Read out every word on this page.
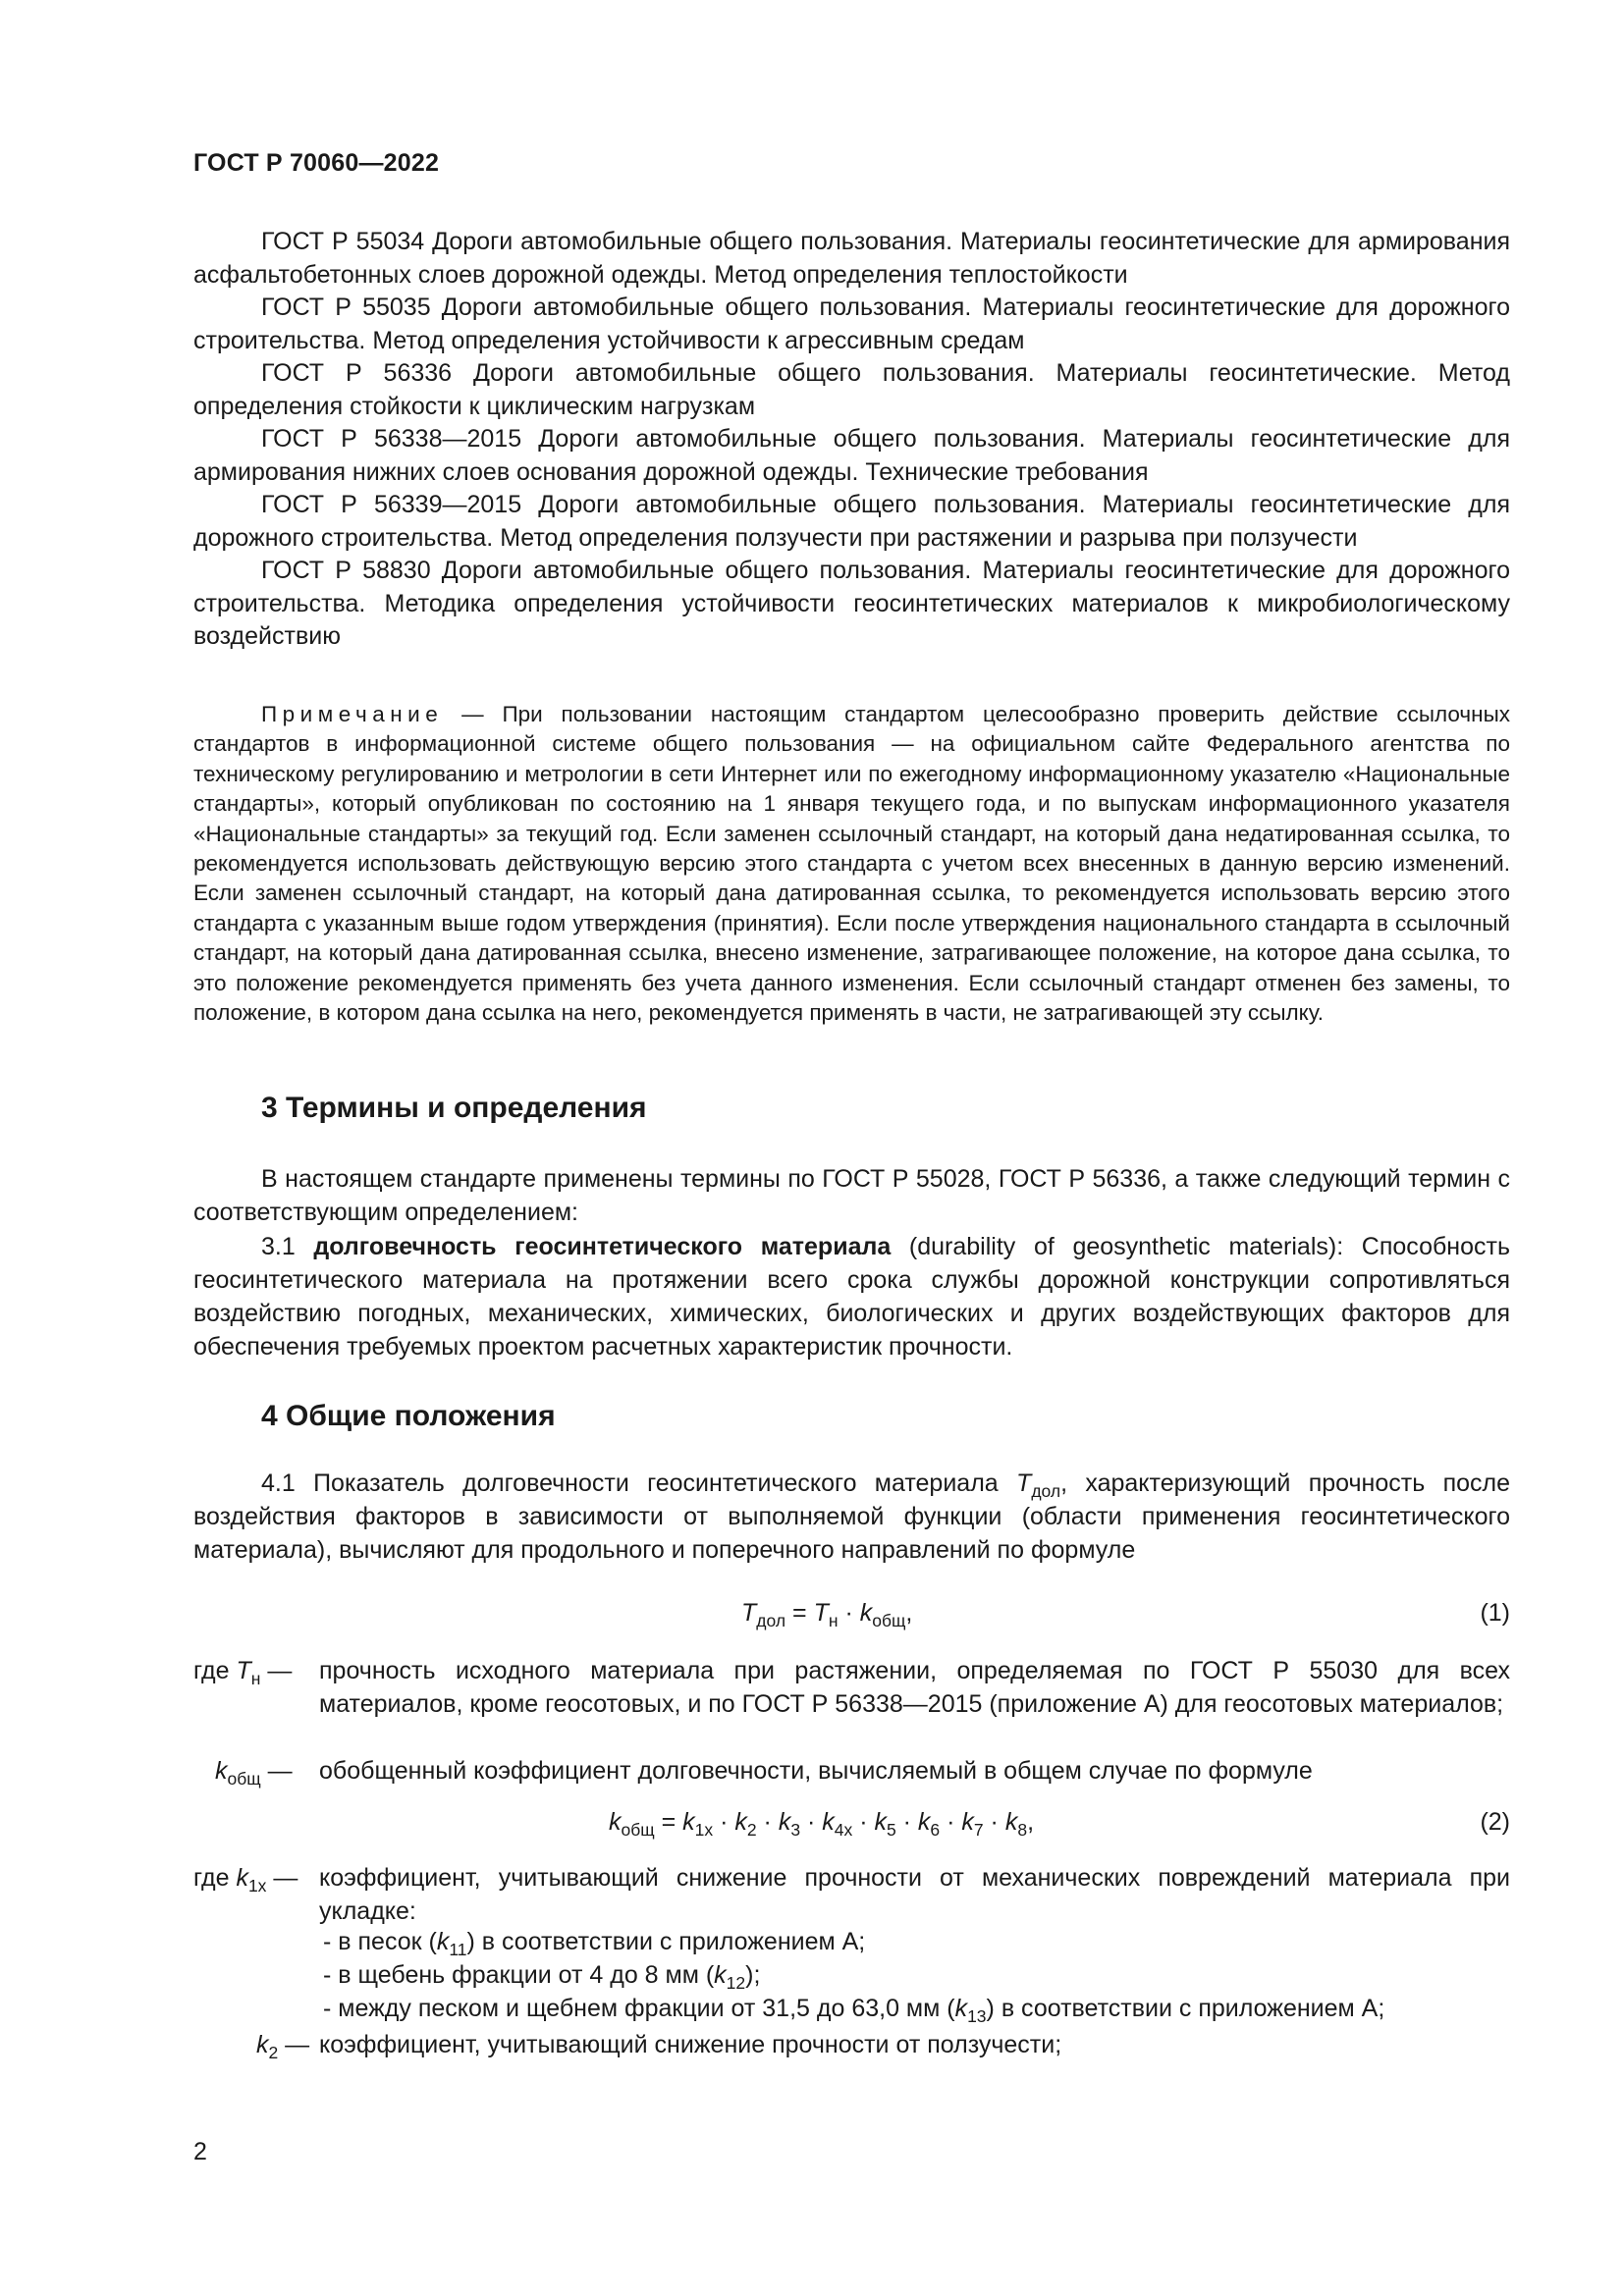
ГОСТ Р 70060—2022

ГОСТ Р 55034 Дороги автомобильные общего пользования. Материалы геосинтетические для армирования асфальтобетонных слоев дорожной одежды. Метод определения теплостойкости

ГОСТ Р 55035 Дороги автомобильные общего пользования. Материалы геосинтетические для дорожного строительства. Метод определения устойчивости к агрессивным средам

ГОСТ Р 56336 Дороги автомобильные общего пользования. Материалы геосинтетические. Метод определения стойкости к циклическим нагрузкам

ГОСТ Р 56338—2015 Дороги автомобильные общего пользования. Материалы геосинтетические для армирования нижних слоев основания дорожной одежды. Технические требования

ГОСТ Р 56339—2015 Дороги автомобильные общего пользования. Материалы геосинтетические для дорожного строительства. Метод определения ползучести при растяжении и разрыва при ползучести

ГОСТ Р 58830 Дороги автомобильные общего пользования. Материалы геосинтетические для дорожного строительства. Методика определения устойчивости геосинтетических материалов к микробиологическому воздействию

Примечание — При пользовании настоящим стандартом целесообразно проверить действие ссылочных стандартов в информационной системе общего пользования — на официальном сайте Федерального агентства по техническому регулированию и метрологии в сети Интернет или по ежегодному информационному указателю «Национальные стандарты», который опубликован по состоянию на 1 января текущего года, и по выпускам информационного указателя «Национальные стандарты» за текущий год. Если заменен ссылочный стандарт, на который дана недатированная ссылка, то рекомендуется использовать действующую версию этого стандарта с учетом всех внесенных в данную версию изменений. Если заменен ссылочный стандарт, на который дана датированная ссылка, то рекомендуется использовать версию этого стандарта с указанным выше годом утверждения (принятия). Если после утверждения национального стандарта в ссылочный стандарт, на который дана датированная ссылка, внесено изменение, затрагивающее положение, на которое дана ссылка, то это положение рекомендуется применять без учета данного изменения. Если ссылочный стандарт отменен без замены, то положение, в котором дана ссылка на него, рекомендуется применять в части, не затрагивающей эту ссылку.

3 Термины и определения

В настоящем стандарте применены термины по ГОСТ Р 55028, ГОСТ Р 56336, а также следующий термин с соответствующим определением:

3.1 долговечность геосинтетического материала (durability of geosynthetic materials): Способность геосинтетического материала на протяжении всего срока службы дорожной конструкции сопротивляться воздействию погодных, механических, химических, биологических и других воздействующих факторов для обеспечения требуемых проектом расчетных характеристик прочности.

4 Общие положения

4.1 Показатель долговечности геосинтетического материала $T_{дол}$, характеризующий прочность после воздействия факторов в зависимости от выполняемой функции (области применения геосинтетического материала), вычисляют для продольного и поперечного направлений по формуле

$T_{дол} = T_н \cdot k_{общ}$,	(1)
где $T_н$ — прочность исходного материала при растяжении, определяемая по ГОСТ Р 55030 для всех материалов, кроме геосотовых, и по ГОСТ Р 56338—2015 (приложение А) для геосотовых материалов;
$k_{общ}$ — обобщенный коэффициент долговечности, вычисляемый в общем случае по формуле
$k_{общ} = k_{1x} \cdot k_2 \cdot k_3 \cdot k_{4x} \cdot k_5 \cdot k_6 \cdot k_7 \cdot k_8$,	(2)
где $k_{1x}$ — коэффициент, учитывающий снижение прочности от механических повреждений материала при укладке:
- в песок $(k_{11})$ в соответствии с приложением А;
- в щебень фракции от 4 до 8 мм $(k_{12})$;
- между песком и щебнем фракции от 31,5 до 63,0 мм $(k_{13})$ в соответствии с приложением А;
$k_2$ — коэффициент, учитывающий снижение прочности от ползучести;
2
